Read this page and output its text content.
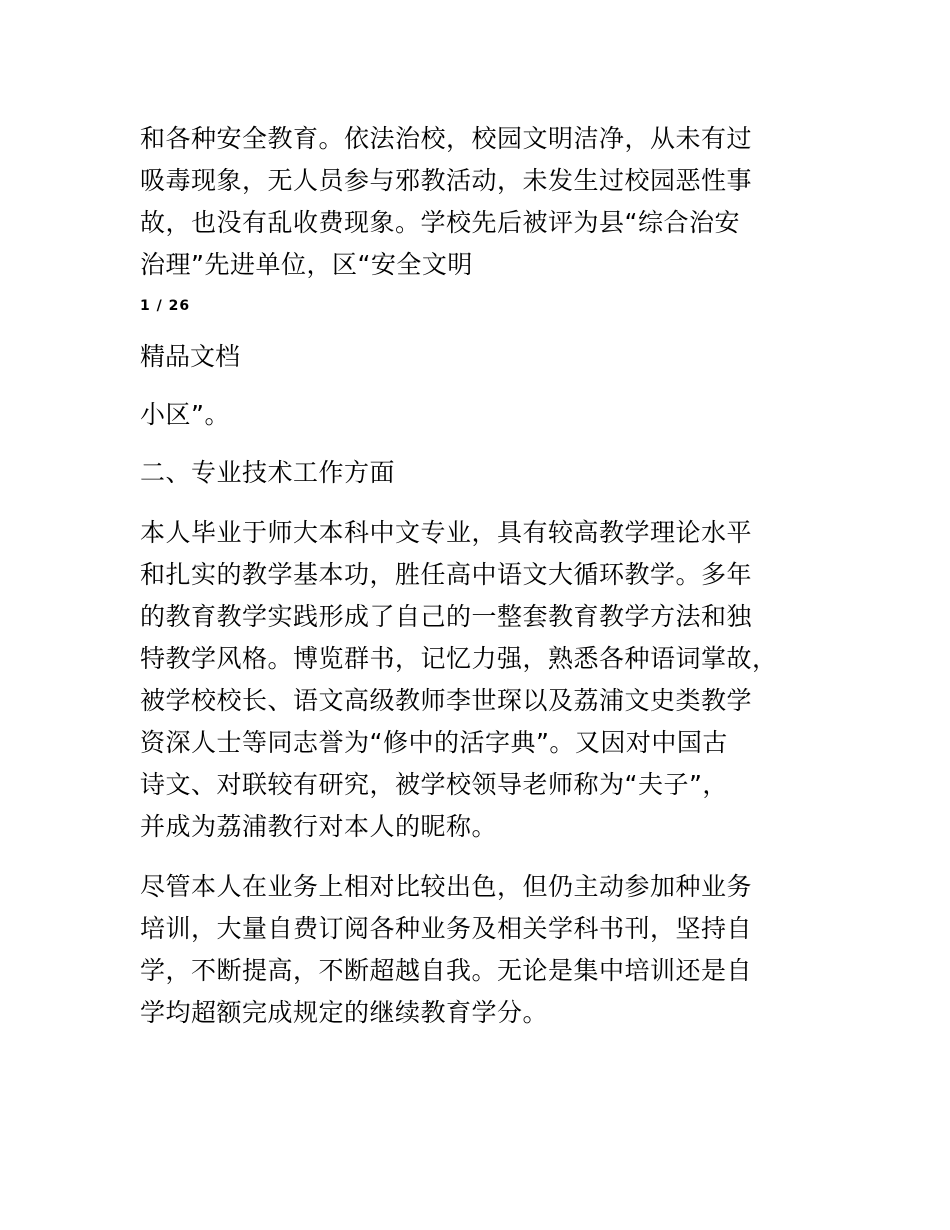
和各种安全教育。依法治校，校园文明洁净，从未有过
吸毒现象，无人员参与邪教活动，未发生过校园恶性事
故，也没有乱收费现象。学校先后被评为县“综合治安
治理”先进单位，区“安全文明

1 / 26

精品文档

小区”。

二、专业技术工作方面

本人毕业于师大本科中文专业，具有较高教学理论水平
和扎实的教学基本功，胜任高中语文大循环教学。多年
的教育教学实践形成了自己的一整套教育教学方法和独
特教学风格。博览群书，记忆力强，熟悉各种语词掌故，
被学校校长、语文高级教师李世琛以及荔浦文史类教学
资深人士等同志誉为“修中的活字典”。又因对中国古
诗文、对联较有研究，被学校领导老师称为“夫子”，
并成为荔浦教行对本人的昵称。

尽管本人在业务上相对比较出色，但仍主动参加种业务
培训，大量自费订阅各种业务及相关学科书刊，坚持自
学，不断提高，不断超越自我。无论是集中培训还是自
学均超额完成规定的继续教育学分。
